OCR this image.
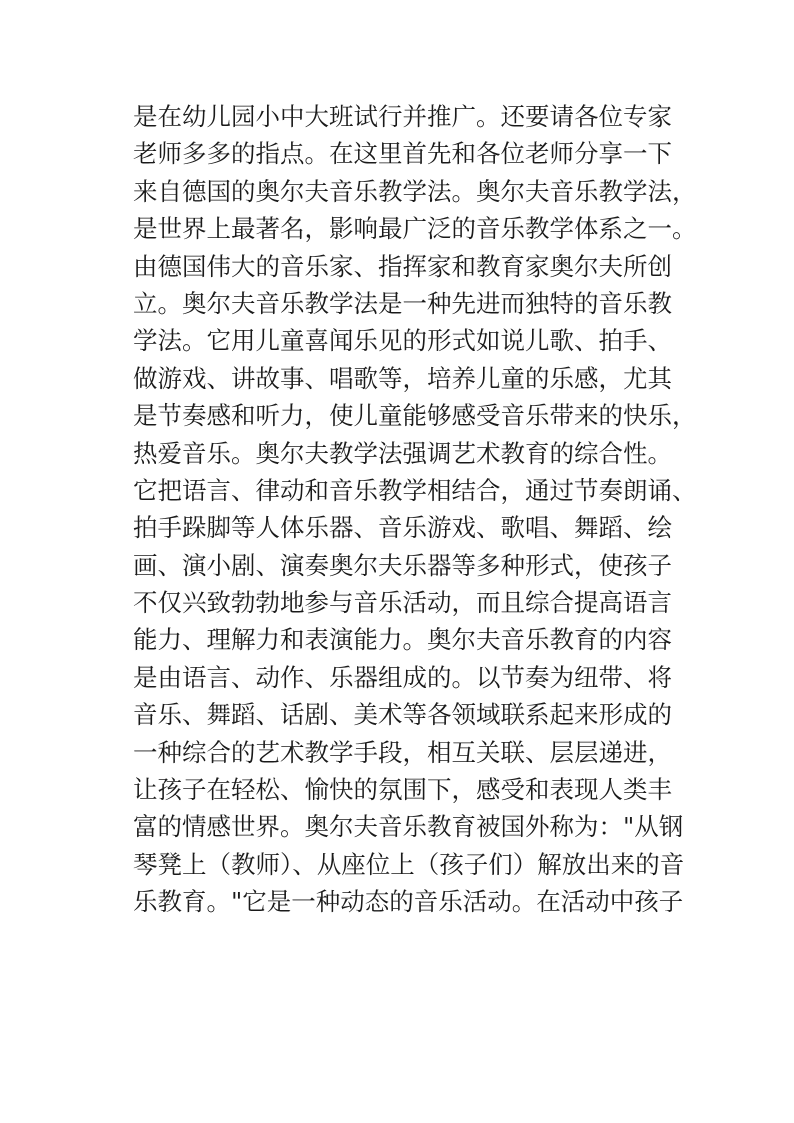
是在幼儿园小中大班试行并推广。还要请各位专家
老师多多的指点。在这里首先和各位老师分享一下
来自德国的奥尔夫音乐教学法。奥尔夫音乐教学法，
是世界上最著名，影响最广泛的音乐教学体系之一。
由德国伟大的音乐家、指挥家和教育家奥尔夫所创
立。奥尔夫音乐教学法是一种先进而独特的音乐教
学法。它用儿童喜闻乐见的形式如说儿歌、拍手、
做游戏、讲故事、唱歌等，培养儿童的乐感，尤其
是节奏感和听力，使儿童能够感受音乐带来的快乐，
热爱音乐。奥尔夫教学法强调艺术教育的综合性。
它把语言、律动和音乐教学相结合，通过节奏朗诵、
拍手跺脚等人体乐器、音乐游戏、歌唱、舞蹈、绘
画、演小剧、演奏奥尔夫乐器等多种形式，使孩子
不仅兴致勃勃地参与音乐活动，而且综合提高语言
能力、理解力和表演能力。奥尔夫音乐教育的内容
是由语言、动作、乐器组成的。以节奏为纽带、将
音乐、舞蹈、话剧、美术等各领域联系起来形成的
一种综合的艺术教学手段，相互关联、层层递进，
让孩子在轻松、愉快的氛围下，感受和表现人类丰
富的情感世界。奥尔夫音乐教育被国外称为："从钢
琴凳上（教师）、从座位上（孩子们）解放出来的音
乐教育。"它是一种动态的音乐活动。在活动中孩子
